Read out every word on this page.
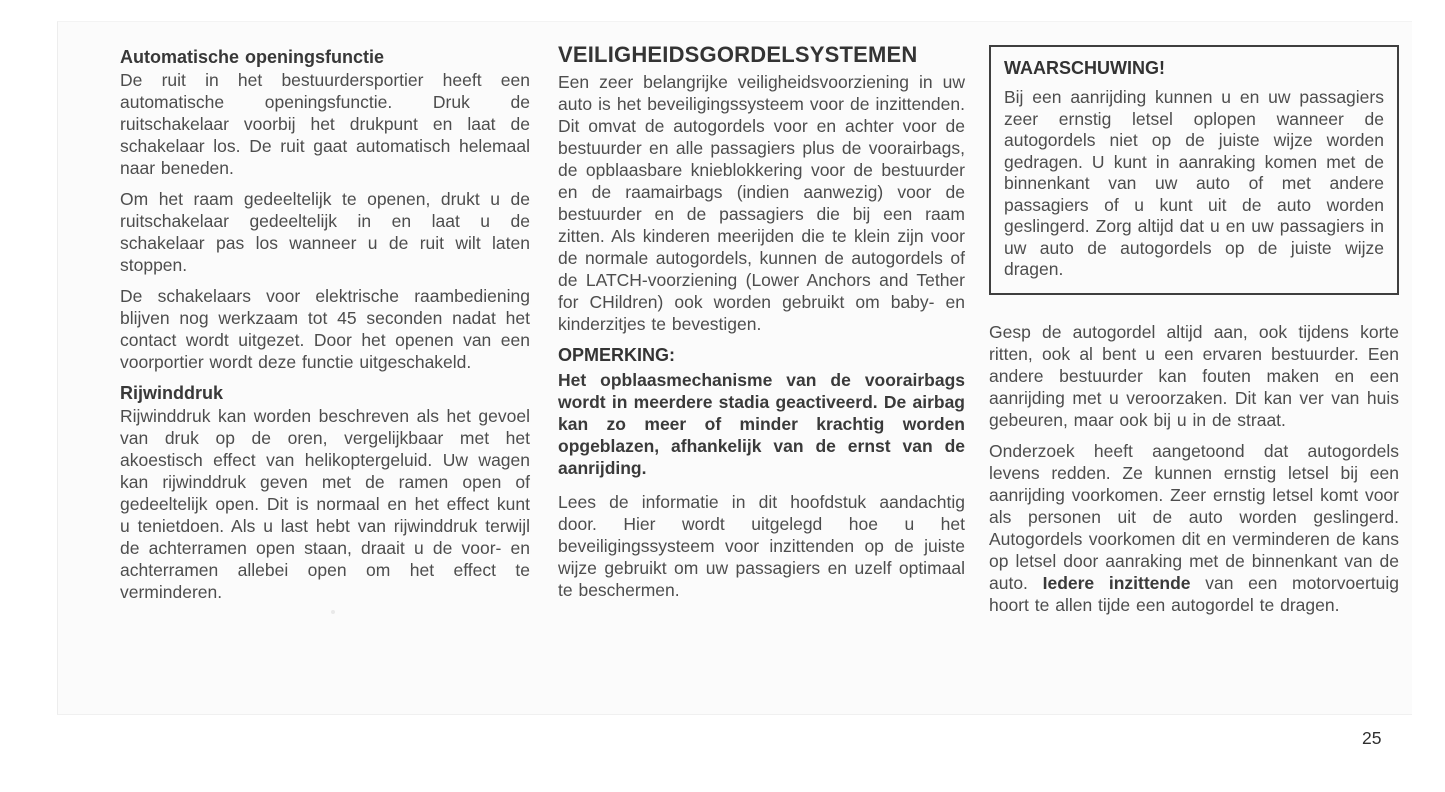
Automatische openingsfunctie

De ruit in het bestuurdersportier heeft een automatische openingsfunctie. Druk de ruitschakelaar voorbij het drukpunt en laat de schakelaar los. De ruit gaat automatisch helemaal naar beneden.

Om het raam gedeeltelijk te openen, drukt u de ruitschakelaar gedeeltelijk in en laat u de schakelaar pas los wanneer u de ruit wilt laten stoppen.

De schakelaars voor elektrische raambediening blijven nog werkzaam tot 45 seconden nadat het contact wordt uitgezet. Door het openen van een voorportier wordt deze functie uitgeschakeld.

Rijwinddruk

Rijwinddruk kan worden beschreven als het gevoel van druk op de oren, vergelijkbaar met het akoestisch effect van helikoptergeluid. Uw wagen kan rijwinddruk geven met de ramen open of gedeeltelijk open. Dit is normaal en het effect kunt u tenietdoen. Als u last hebt van rijwinddruk terwijl de achterramen open staan, draait u de voor- en achterramen allebei open om het effect te verminderen.

VEILIGHEIDSGORDELSYSTEMEN

Een zeer belangrijke veiligheidsvoorziening in uw auto is het beveiligingssysteem voor de inzittenden. Dit omvat de autogordels voor en achter voor de bestuurder en alle passagiers plus de voorairbags, de opblaasbare knieblokkering voor de bestuurder en de raamairbags (indien aanwezig) voor de bestuurder en de passagiers die bij een raam zitten. Als kinderen meerijden die te klein zijn voor de normale autogordels, kunnen de autogordels of de LATCH-voorziening (Lower Anchors and Tether for CHildren) ook worden gebruikt om baby- en kinderzitjes te bevestigen.

OPMERKING:

Het opblaasmechanisme van de voorairbags wordt in meerdere stadia geactiveerd. De airbag kan zo meer of minder krachtig worden opgeblazen, afhankelijk van de ernst van de aanrijding.

Lees de informatie in dit hoofdstuk aandachtig door. Hier wordt uitgelegd hoe u het beveiligingssysteem voor inzittenden op de juiste wijze gebruikt om uw passagiers en uzelf optimaal te beschermen.

WAARSCHUWING!

Bij een aanrijding kunnen u en uw passagiers zeer ernstig letsel oplopen wanneer de autogordels niet op de juiste wijze worden gedragen. U kunt in aanraking komen met de binnenkant van uw auto of met andere passagiers of u kunt uit de auto worden geslingerd. Zorg altijd dat u en uw passagiers in uw auto de autogordels op de juiste wijze dragen.

Gesp de autogordel altijd aan, ook tijdens korte ritten, ook al bent u een ervaren bestuurder. Een andere bestuurder kan fouten maken en een aanrijding met u veroorzaken. Dit kan ver van huis gebeuren, maar ook bij u in de straat.

Onderzoek heeft aangetoond dat autogordels levens redden. Ze kunnen ernstig letsel bij een aanrijding voorkomen. Zeer ernstig letsel komt voor als personen uit de auto worden geslingerd. Autogordels voorkomen dit en verminderen de kans op letsel door aanraking met de binnenkant van de auto. Iedere inzittende van een motorvoertuig hoort te allen tijde een autogordel te dragen.

25
